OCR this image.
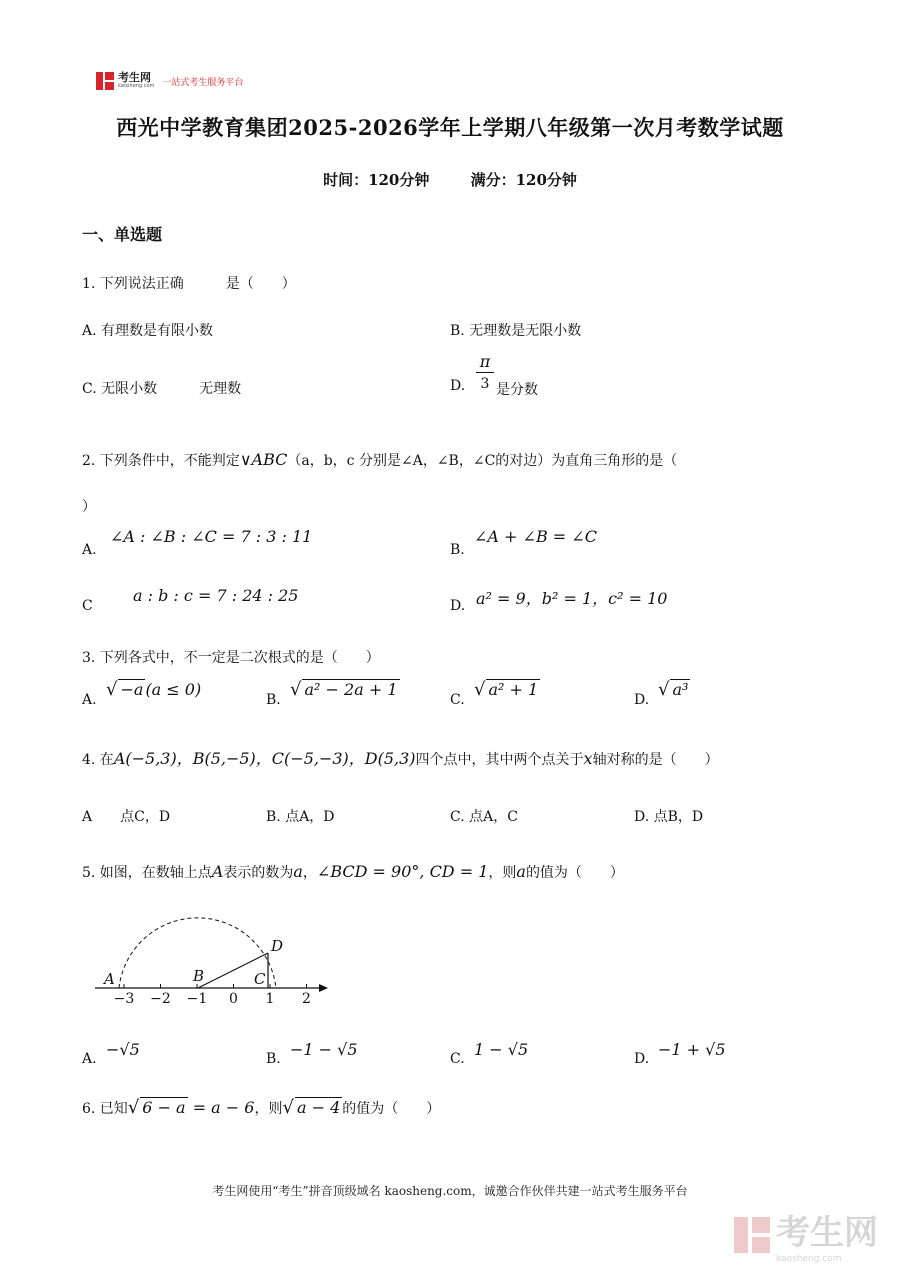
考生网
kaosheng.com 一站式考生服务平台
西光中学教育集团2025-2026学年上学期八年级第一次月考数学试题
时间：120分钟	满分：120分钟
一、单选题
1. 下列说法正确　　　是（　　）
A. 有理数是有限小数	B. 无理数是无限小数
C. 无限小数　　　无理数	D. $\frac{\pi}{3}$ 是分数
2. 下列条件中，不能判定∨ABC（a，b，c 分别是∠A，∠B，∠C的对边）为直角三角形的是（
）
A.
∠A : ∠B : ∠C = 7 : 3 : 11
B.
∠A + ∠B = ∠C
C
a : b : c = 7 : 24 : 25
D. a² = 9，b² = 1，c² = 10
3. 下列各式中，不一定是二次根式的是（　　）
A. √ −a (a ≤ 0)
B. √ a² − 2a + 1
C. √ a² + 1
D. √ a³
4. 在A(−5,3)，B(5,−5)，C(−5,−3)，D(5,3)四个点中，其中两个点关于x轴对称的是（　　）
A　　点C，D	B. 点A，D	C. 点A，C	D. 点B，D
5. 如图，在数轴上点A表示的数为a，∠BCD = 90°, CD = 1，则a的值为（　　）
A	B	C
D
−3 −2 −1 0 1 2
A. −√5	B. −1 − √5	C. 1 − √5	D. −1 + √5
6. 已知√ 6 − a = a − 6，则√ a − 4 的值为（　　）
考生网使用“考生”拼音顶级域名 kaosheng.com，诚邀合作伙伴共建一站式考生服务平台
考生网
kaosheng.com
